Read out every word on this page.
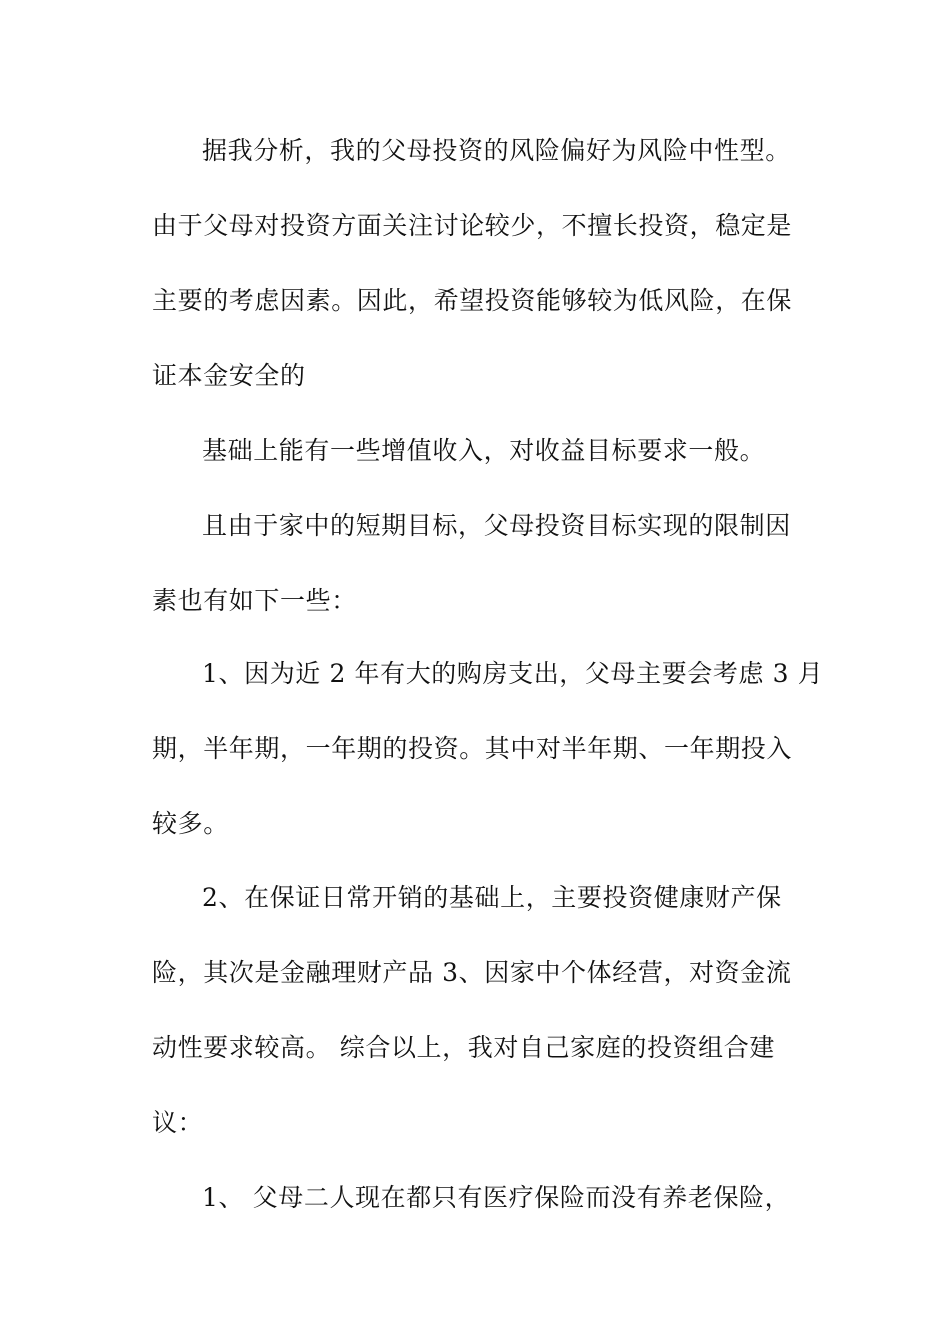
据我分析，我的父母投资的风险偏好为风险中性型。
由于父母对投资方面关注讨论较少，不擅长投资，稳定是
主要的考虑因素。因此，希望投资能够较为低风险，在保
证本金安全的
基础上能有一些增值收入，对收益目标要求一般。
且由于家中的短期目标，父母投资目标实现的限制因
素也有如下一些：
1、因为近 2 年有大的购房支出，父母主要会考虑 3 月
期，半年期，一年期的投资。其中对半年期、一年期投入
较多。
2、在保证日常开销的基础上，主要投资健康财产保
险，其次是金融理财产品 3、因家中个体经营，对资金流
动性要求较高。 综合以上，我对自己家庭的投资组合建
议：
1、 父母二人现在都只有医疗保险而没有养老保险，
